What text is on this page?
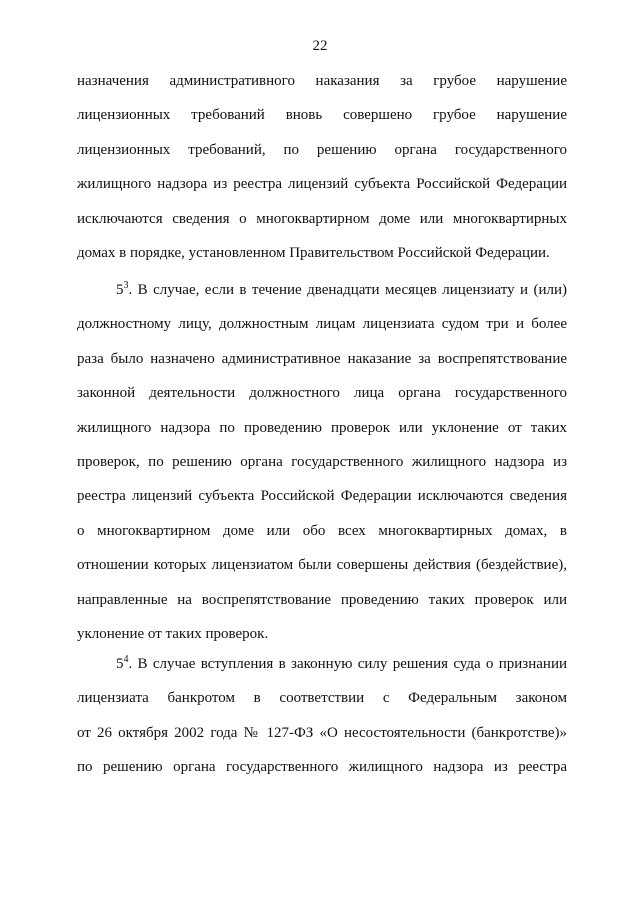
22
назначения административного наказания за грубое нарушение
лицензионных требований вновь совершено грубое нарушение
лицензионных требований, по решению органа государственного
жилищного надзора из реестра лицензий субъекта Российской Федерации
исключаются сведения о многоквартирном доме или многоквартирных
домах в порядке, установленном Правительством Российской Федерации.
$5^3$. В случае, если в течение двенадцати месяцев лицензиату и (или)
должностному лицу, должностным лицам лицензиата судом три и более
раза было назначено административное наказание за воспрепятствование
законной деятельности должностного лица органа государственного
жилищного надзора по проведению проверок или уклонение от таких
проверок, по решению органа государственного жилищного надзора из
реестра лицензий субъекта Российской Федерации исключаются сведения
о многоквартирном доме или обо всех многоквартирных домах, в
отношении которых лицензиатом были совершены действия (бездействие),
направленные на воспрепятствование проведению таких проверок или
уклонение от таких проверок.
$5^4$. В случае вступления в законную силу решения суда о признании
лицензиата банкротом в соответствии с Федеральным законом
от 26 октября 2002 года № 127-ФЗ «О несостоятельности (банкротстве)»
по решению органа государственного жилищного надзора из реестра
